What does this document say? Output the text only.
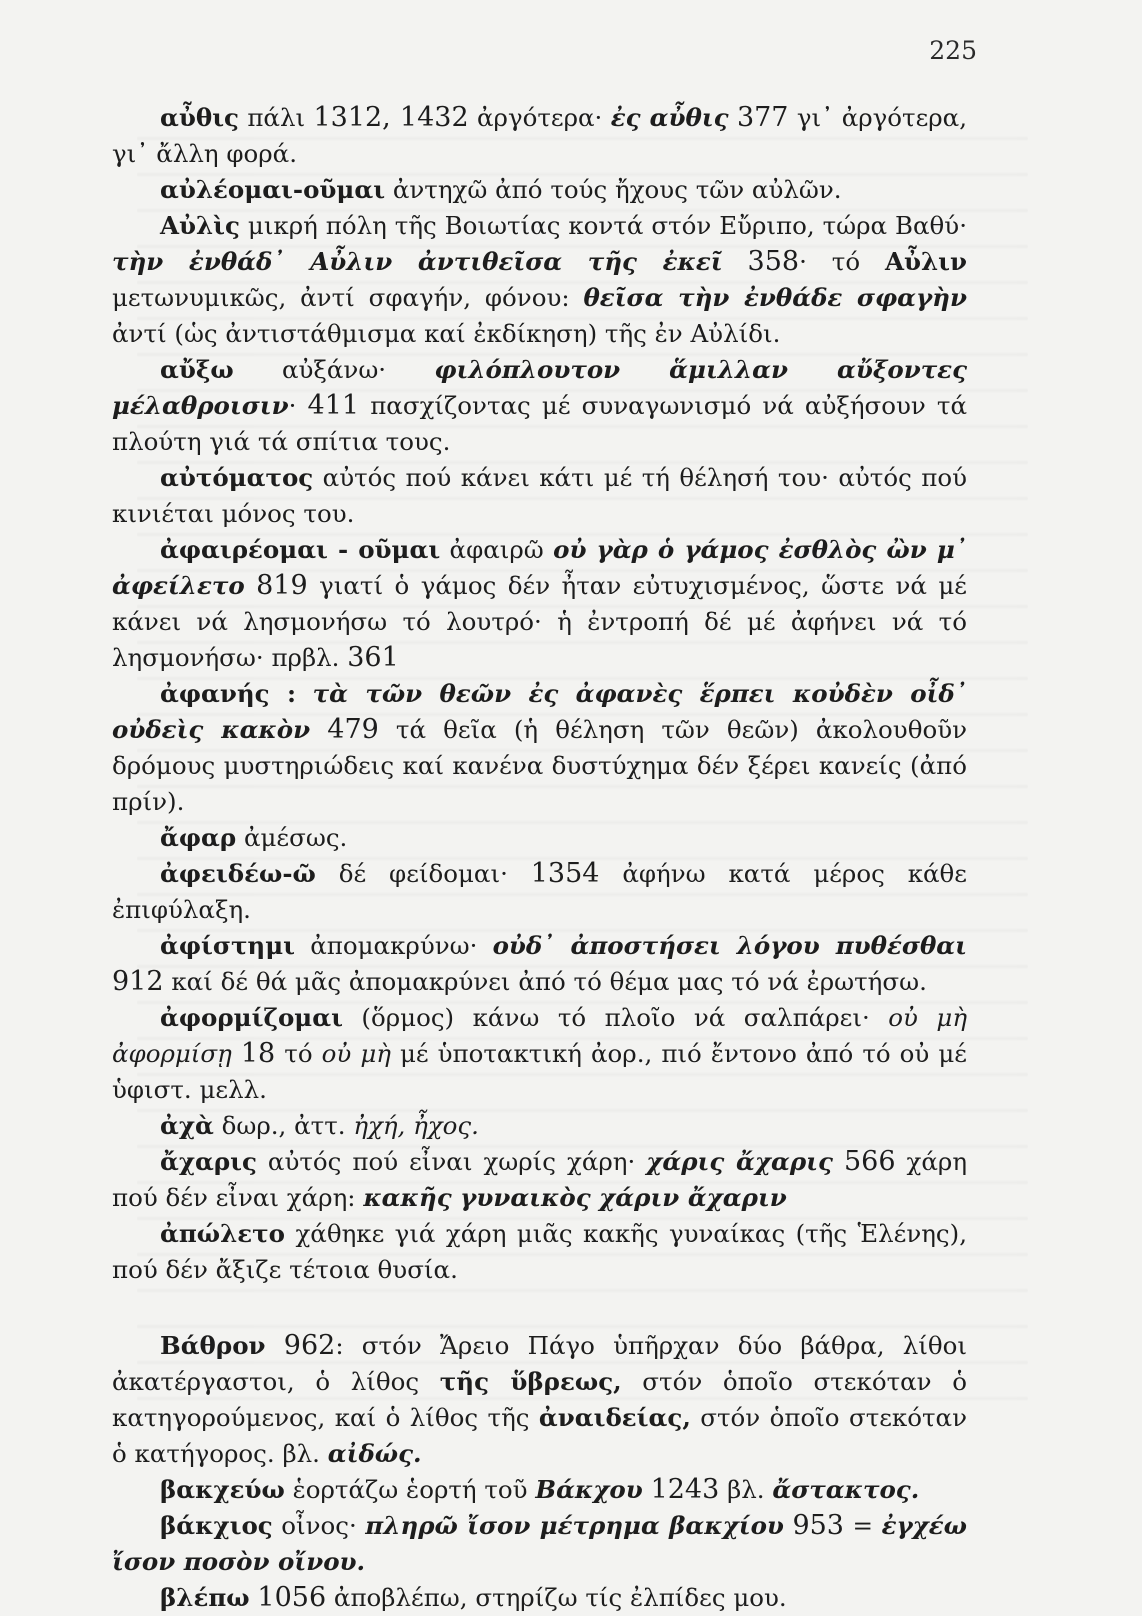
225

αὖθις πάλι 1312, 1432 ἀργότερα· ἐς αὖθις 377 γι᾿ ἀργότερα, γι᾿ ἄλλη φορά.

αὐλέομαι-οῦμαι ἀντηχῶ ἀπό τούς ἤχους τῶν αὐλῶν.

Αὐλὶς μικρή πόλη τῆς Βοιωτίας κοντά στόν Εὔριπο, τώρα Βαθύ· τὴν ἐνθάδ᾿ Αὖλιν ἀντιθεῖσα τῆς ἐκεῖ 358· τό Αὖλιν μετωνυμικῶς, ἀντί σφαγήν, φόνου: θεῖσα τὴν ἐνθάδε σφαγὴν ἀντί (ὡς ἀντιστάθμισμα καί ἐκδίκηση) τῆς ἐν Αὐλίδι.

αὔξω αὐξάνω· φιλόπλουτον ἅμιλλαν αὔξοντες μέλαθροισιν· 411 πασχίζοντας μέ συναγωνισμό νά αὐξήσουν τά πλούτη γιά τά σπίτια τους.

αὐτόματος αὐτός πού κάνει κάτι μέ τή θέλησή του· αὐτός πού κινιέται μόνος του.

ἀφαιρέομαι - οῦμαι ἀφαιρῶ οὐ γὰρ ὁ γάμος ἐσθλὸς ὢν μ᾿ ἀφείλετο 819 γιατί ὁ γάμος δέν ἦταν εὐτυχισμένος, ὥστε νά μέ κάνει νά λησμονήσω τό λουτρό· ἡ ἐντροπή δέ μέ ἀφήνει νά τό λησμονήσω· πρβλ. 361

ἀφανής : τὰ τῶν θεῶν ἐς ἀφανὲς ἕρπει κοὐδὲν οἶδ᾿ οὐδεὶς κακὸν 479 τά θεῖα (ἡ θέληση τῶν θεῶν) ἀκολουθοῦν δρόμους μυστηριώδεις καί κανένα δυστύχημα δέν ξέρει κανείς (ἀπό πρίν).

ἄφαρ ἀμέσως.

ἀφειδέω-ῶ δέ φείδομαι· 1354 ἀφήνω κατά μέρος κάθε ἐπιφύλαξη.

ἀφίστημι ἀπομακρύνω· οὐδ᾿ ἀποστήσει λόγου πυθέσθαι 912 καί δέ θά μᾶς ἀπομακρύνει ἀπό τό θέμα μας τό νά ἐρωτήσω.

ἀφορμίζομαι (ὅρμος) κάνω τό πλοῖο νά σαλπάρει· οὐ μὴ ἀφορμίσῃ 18 τό οὐ μὴ μέ ὑποτακτική ἀορ., πιό ἔντονο ἀπό τό οὐ μέ ὑφιστ. μελλ.

ἀχὰ δωρ., ἀττ. ἠχή, ἦχος.

ἄχαρις αὐτός πού εἶναι χωρίς χάρη· χάρις ἄχαρις 566 χάρη πού δέν εἶναι χάρη: κακῆς γυναικὸς χάριν ἄχαριν

ἀπώλετο χάθηκε γιά χάρη μιᾶς κακῆς γυναίκας (τῆς Ἑλένης), πού δέν ἄξιζε τέτοια θυσία.

Βάθρον 962: στόν Ἄρειο Πάγο ὑπῆρχαν δύο βάθρα, λίθοι ἀκατέργαστοι, ὁ λίθος τῆς ὕβρεως, στόν ὁποῖο στεκόταν ὁ κατηγορούμενος, καί ὁ λίθος τῆς ἀναιδείας, στόν ὁποῖο στεκόταν ὁ κατήγορος. βλ. αἰδώς.

βακχεύω ἑορτάζω ἑορτή τοῦ Βάκχου 1243 βλ. ἄστακτος.

βάκχιος οἶνος· πληρῶ ἴσον μέτρημα βακχίου 953 = ἐγχέω ἴσον ποσὸν οἴνου.

βλέπω 1056 ἀποβλέπω, στηρίζω τίς ἐλπίδες μου.
